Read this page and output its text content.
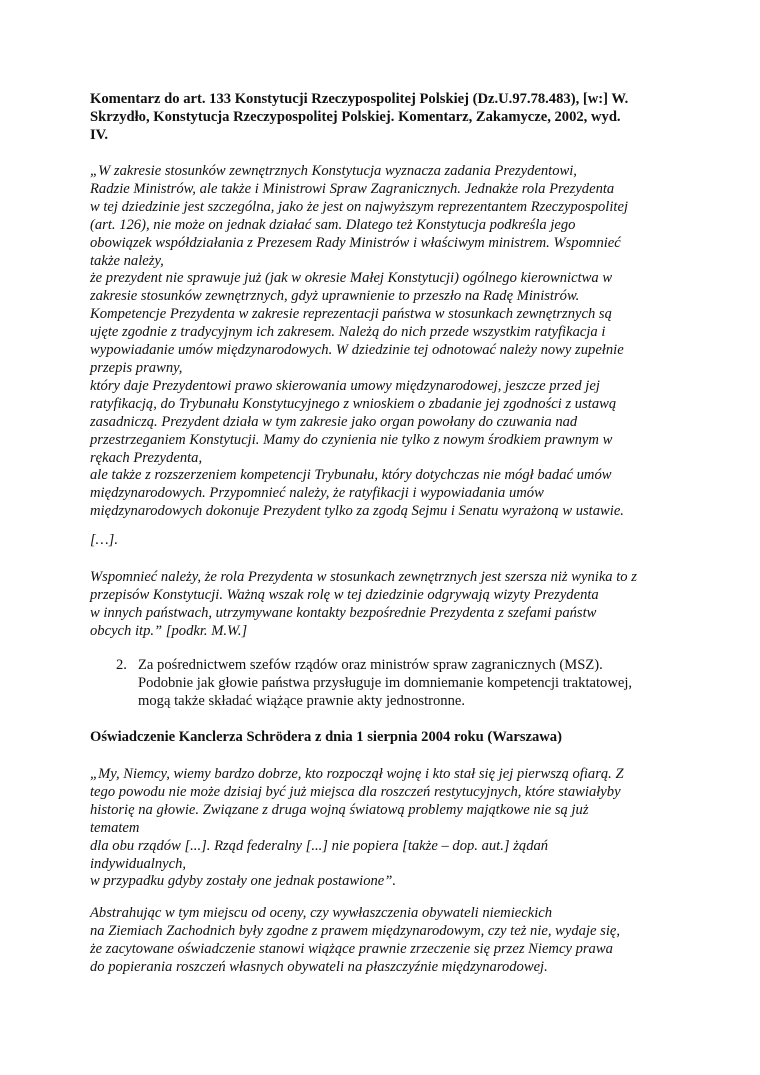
Komentarz do art. 133 Konstytucji Rzeczypospolitej Polskiej (Dz.U.97.78.483), [w:] W.
Skrzydło, Konstytucja Rzeczypospolitej Polskiej. Komentarz, Zakamycze, 2002, wyd.
IV.
„W zakresie stosunków zewnętrznych Konstytucja wyznacza zadania Prezydentowi,
Radzie Ministrów, ale także i Ministrowi Spraw Zagranicznych. Jednakże rola Prezydenta
w tej dziedzinie jest szczególna, jako że jest on najwyższym reprezentantem Rzeczypospolitej
(art. 126), nie może on jednak działać sam. Dlatego też Konstytucja podkreśla jego
obowiązek współdziałania z Prezesem Rady Ministrów i właściwym ministrem. Wspomnieć
także należy,
że prezydent nie sprawuje już (jak w okresie Małej Konstytucji) ogólnego kierownictwa w
zakresie stosunków zewnętrznych, gdyż uprawnienie to przeszło na Radę Ministrów.
Kompetencje Prezydenta w zakresie reprezentacji państwa w stosunkach zewnętrznych są
ujęte zgodnie z tradycyjnym ich zakresem. Należą do nich przede wszystkim ratyfikacja i
wypowiadanie umów międzynarodowych. W dziedzinie tej odnotować należy nowy zupełnie
przepis prawny,
który daje Prezydentowi prawo skierowania umowy międzynarodowej, jeszcze przed jej
ratyfikacją, do Trybunału Konstytucyjnego z wnioskiem o zbadanie jej zgodności z ustawą
zasadniczą. Prezydent działa w tym zakresie jako organ powołany do czuwania nad
przestrzeganiem Konstytucji. Mamy do czynienia nie tylko z nowym środkiem prawnym w
rękach Prezydenta,
ale także z rozszerzeniem kompetencji Trybunału, który dotychczas nie mógł badać umów
międzynarodowych. Przypomnieć należy, że ratyfikacji i wypowiadania umów
międzynarodowych dokonuje Prezydent tylko za zgodą Sejmu i Senatu wyrażoną w ustawie.
[…].
Wspomnieć należy, że rola Prezydenta w stosunkach zewnętrznych jest szersza niż wynika to z
przepisów Konstytucji. Ważną wszak rolę w tej dziedzinie odgrywają wizyty Prezydenta
w innych państwach, utrzymywane kontakty bezpośrednie Prezydenta z szefami państw
obcych itp.” [podkr. M.W.]
2. Za pośrednictwem szefów rządów oraz ministrów spraw zagranicznych (MSZ).
Podobnie jak głowie państwa przysługuje im domniemanie kompetencji traktatowej,
mogą także składać wiążące prawnie akty jednostronne.
Oświadczenie Kanclerza Schrödera z dnia 1 sierpnia 2004 roku (Warszawa)
„My, Niemcy, wiemy bardzo dobrze, kto rozpoczął wojnę i kto stał się jej pierwszą ofiarą. Z
tego powodu nie może dzisiaj być już miejsca dla roszczeń restytucyjnych, które stawiałyby
historię na głowie. Związane z druga wojną światową problemy majątkowe nie są już
tematem
dla obu rządów [...]. Rząd federalny [...] nie popiera [także – dop. aut.] żądań
indywidualnych,
w przypadku gdyby zostały one jednak postawione”.
Abstrahując w tym miejscu od oceny, czy wywłaszczenia obywateli niemieckich
na Ziemiach Zachodnich były zgodne z prawem międzynarodowym, czy też nie, wydaje się,
że zacytowane oświadczenie stanowi wiążące prawnie zrzeczenie się przez Niemcy prawa
do popierania roszczeń własnych obywateli na płaszczyźnie międzynarodowej.
